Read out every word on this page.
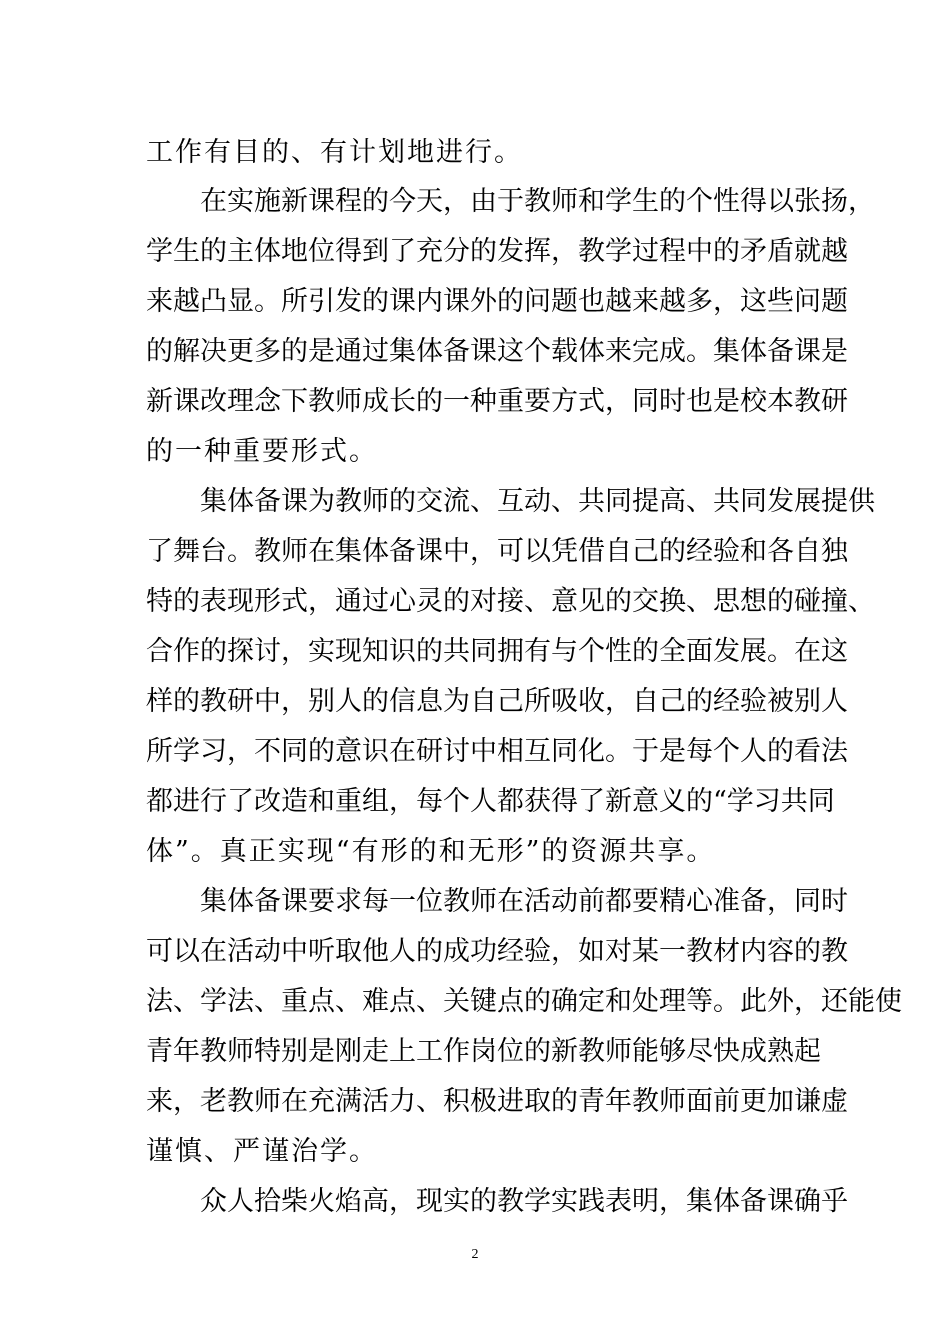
工作有目的、有计划地进行。
在实施新课程的今天，由于教师和学生的个性得以张扬，
学生的主体地位得到了充分的发挥，教学过程中的矛盾就越
来越凸显。所引发的课内课外的问题也越来越多，这些问题
的解决更多的是通过集体备课这个载体来完成。集体备课是
新课改理念下教师成长的一种重要方式，同时也是校本教研
的一种重要形式。
集体备课为教师的交流、互动、共同提高、共同发展提供
了舞台。教师在集体备课中，可以凭借自己的经验和各自独
特的表现形式，通过心灵的对接、意见的交换、思想的碰撞、
合作的探讨，实现知识的共同拥有与个性的全面发展。在这
样的教研中，别人的信息为自己所吸收，自己的经验被别人
所学习，不同的意识在研讨中相互同化。于是每个人的看法
都进行了改造和重组，每个人都获得了新意义的“学习共同
体”。真正实现“有形的和无形”的资源共享。
集体备课要求每一位教师在活动前都要精心准备，同时
可以在活动中听取他人的成功经验，如对某一教材内容的教
法、学法、重点、难点、关键点的确定和处理等。此外，还能使
青年教师特别是刚走上工作岗位的新教师能够尽快成熟起
来，老教师在充满活力、积极进取的青年教师面前更加谦虚
谨慎、严谨治学。
众人拾柴火焰高，现实的教学实践表明，集体备课确乎
2
